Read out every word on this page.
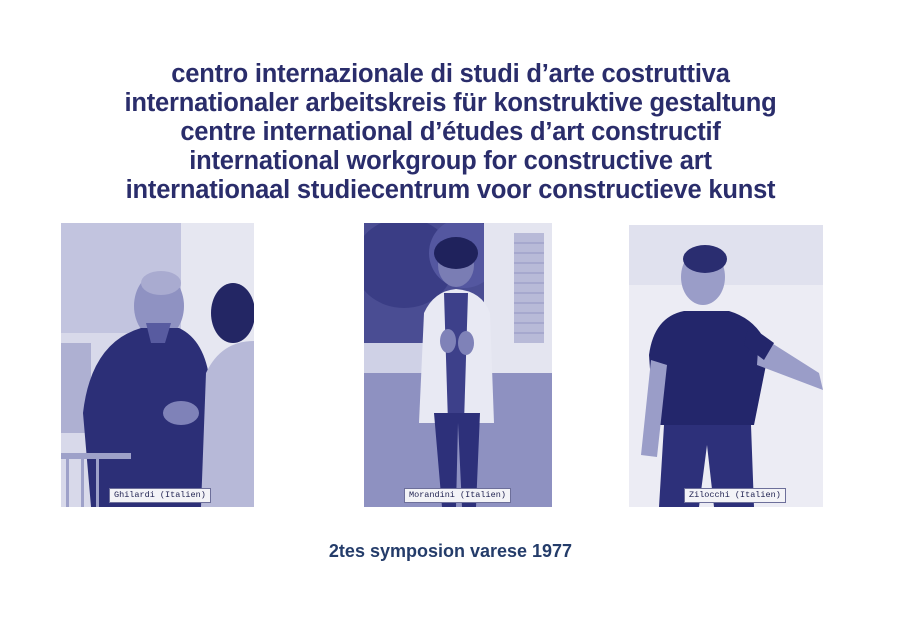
centro internazionale di studi d’arte costruttiva
internationaler arbeitskreis für konstruktive gestaltung
centre international d’études d’art constructif
international workgroup for constructive art
internationaal studiecentrum voor constructieve kunst
Ghilardi (Italien)	Morandini (Italien)	Zilocchi (Italien)
2tes symposion varese 1977
